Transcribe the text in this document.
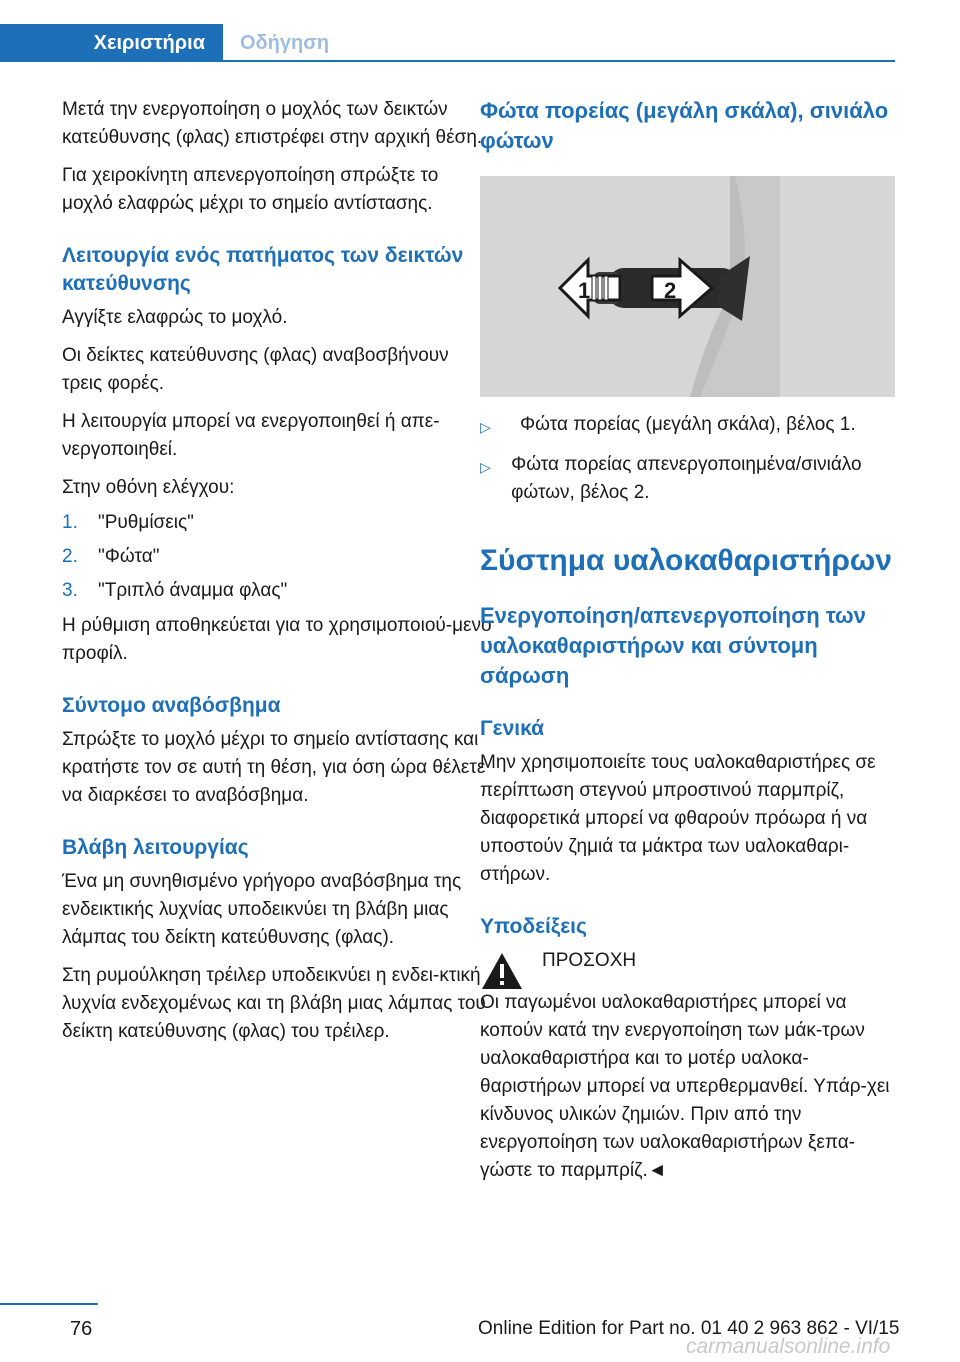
Χειριστήρια	Οδήγηση

Μετά την ενεργοποίηση ο μοχλός των δεικτών κατεύθυνσης (φλας) επιστρέφει στην αρχική θέση.

Για χειροκίνητη απενεργοποίηση σπρώξτε το μοχλό ελαφρώς μέχρι το σημείο αντίστασης.

Λειτουργία ενός πατήματος των δεικτών κατεύθυνσης

Αγγίξτε ελαφρώς το μοχλό.

Οι δείκτες κατεύθυνσης (φλας) αναβοσβήνουν τρεις φορές.

Η λειτουργία μπορεί να ενεργοποιηθεί ή απε‐νεργοποιηθεί.

Στην οθόνη ελέγχου:

1.	"Ρυθμίσεις"
2.	"Φώτα"
3.	"Τριπλό άναμμα φλας"

Η ρύθμιση αποθηκεύεται για το χρησιμοποιού‐μενο προφίλ.

Σύντομο αναβόσβημα

Σπρώξτε το μοχλό μέχρι το σημείο αντίστασης και κρατήστε τον σε αυτή τη θέση, για όση ώρα θέλετε να διαρκέσει το αναβόσβημα.

Βλάβη λειτουργίας

Ένα μη συνηθισμένο γρήγορο αναβόσβημα της ενδεικτικής λυχνίας υποδεικνύει τη βλάβη μιας λάμπας του δείκτη κατεύθυνσης (φλας).

Στη ρυμούλκηση τρέιλερ υποδεικνύει η ενδει‐κτική λυχνία ενδεχομένως και τη βλάβη μιας λάμπας του δείκτη κατεύθυνσης (φλας) του τρέιλερ.

Φώτα πορείας (μεγάλη σκάλα), σινιάλο φώτων
1	2
▷	Φώτα πορείας (μεγάλη σκάλα), βέλος 1.
▷	Φώτα πορείας απενεργοποιημένα/σινιάλο φώτων, βέλος 2.
Σύστημα υαλοκαθαριστήρων
Ενεργοποίηση/απενεργοποίηση των υαλοκαθαριστήρων και σύντομη σάρωση
Γενικά

Μην χρησιμοποιείτε τους υαλοκαθαριστήρες σε περίπτωση στεγνού μπροστινού παρμπρίζ, διαφορετικά μπορεί να φθαρούν πρόωρα ή να υποστούν ζημιά τα μάκτρα των υαλοκαθαρι‐στήρων.

Υποδείξεις

ΠΡΟΣΟΧΗ

Οι παγωμένοι υαλοκαθαριστήρες μπορεί να κοπούν κατά την ενεργοποίηση των μάκ‐τρων υαλοκαθαριστήρα και το μοτέρ υαλοκα‐θαριστήρων μπορεί να υπερθερμανθεί. Υπάρ‐χει κίνδυνος υλικών ζημιών. Πριν από την ενεργοποίηση των υαλοκαθαριστήρων ξεπα‐γώστε το παρμπρίζ.◄

76	Online Edition for Part no. 01 40 2 963 862 - VI/15
carmanualsonline.info
